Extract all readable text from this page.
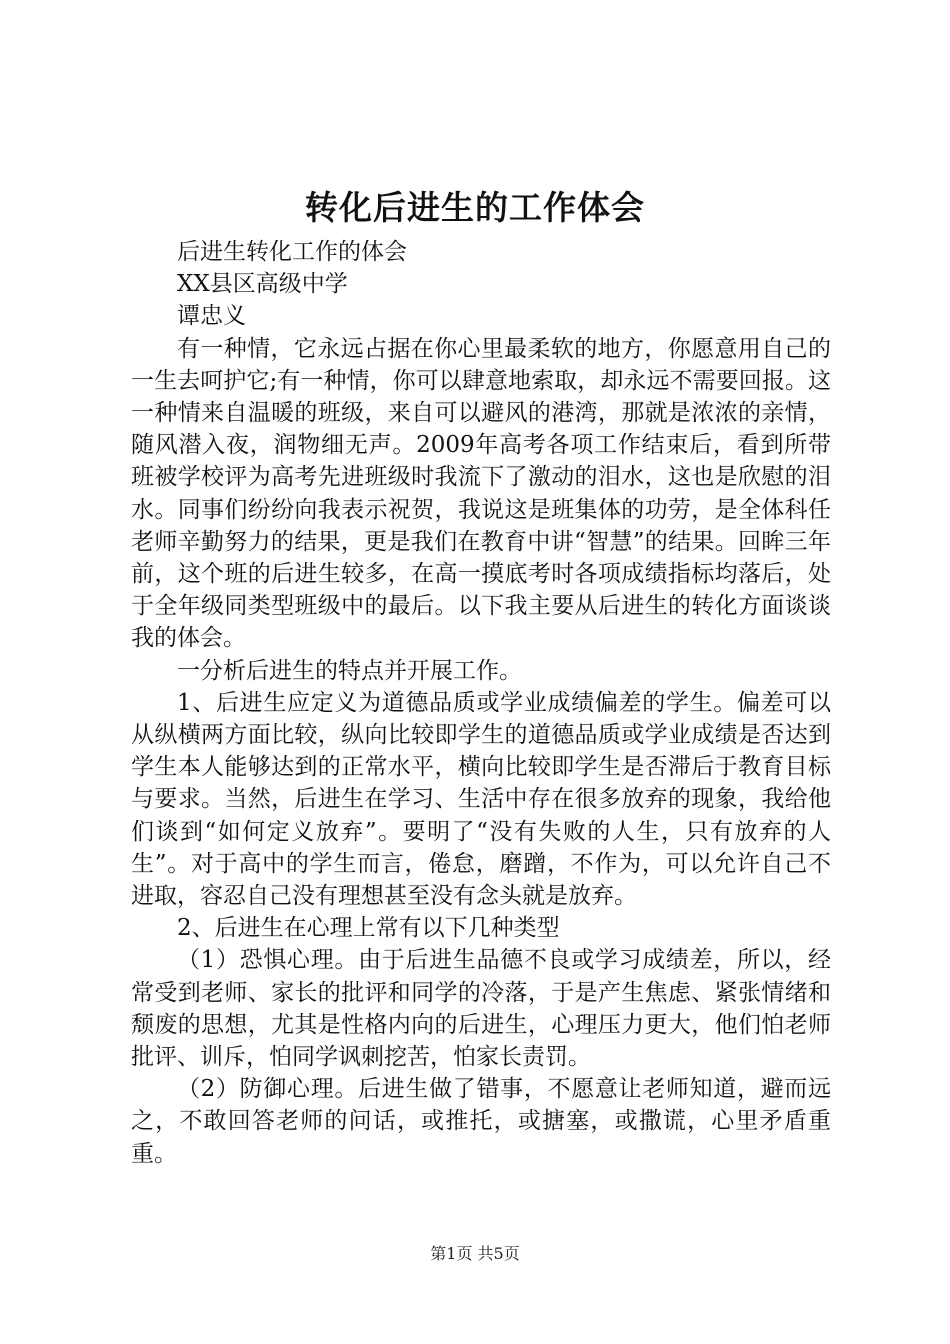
转化后进生的工作体会

后进生转化工作的体会

XX县区高级中学

谭忠义

有一种情，它永远占据在你心里最柔软的地方，你愿意用自己的一生去呵护它;有一种情，你可以肆意地索取，却永远不需要回报。这一种情来自温暖的班级，来自可以避风的港湾，那就是浓浓的亲情，随风潜入夜，润物细无声。2009年高考各项工作结束后，看到所带班被学校评为高考先进班级时我流下了激动的泪水，这也是欣慰的泪水。同事们纷纷向我表示祝贺，我说这是班集体的功劳，是全体科任老师辛勤努力的结果，更是我们在教育中讲“智慧”的结果。回眸三年前，这个班的后进生较多，在高一摸底考时各项成绩指标均落后，处于全年级同类型班级中的最后。以下我主要从后进生的转化方面谈谈我的体会。

一分析后进生的特点并开展工作。

1、后进生应定义为道德品质或学业成绩偏差的学生。偏差可以从纵横两方面比较，纵向比较即学生的道德品质或学业成绩是否达到学生本人能够达到的正常水平，横向比较即学生是否滞后于教育目标与要求。当然，后进生在学习、生活中存在很多放弃的现象，我给他们谈到“如何定义放弃”。要明了“没有失败的人生，只有放弃的人生”。对于高中的学生而言，倦怠，磨蹭，不作为，可以允许自己不进取，容忍自己没有理想甚至没有念头就是放弃。

2、后进生在心理上常有以下几种类型

（1）恐惧心理。由于后进生品德不良或学习成绩差，所以，经常受到老师、家长的批评和同学的冷落，于是产生焦虑、紧张情绪和颓废的思想，尤其是性格内向的后进生，心理压力更大，他们怕老师批评、训斥，怕同学讽刺挖苦，怕家长责罚。

（2）防御心理。后进生做了错事，不愿意让老师知道，避而远之，不敢回答老师的问话，或推托，或搪塞，或撒谎，心里矛盾重重。

第1页 共5页
